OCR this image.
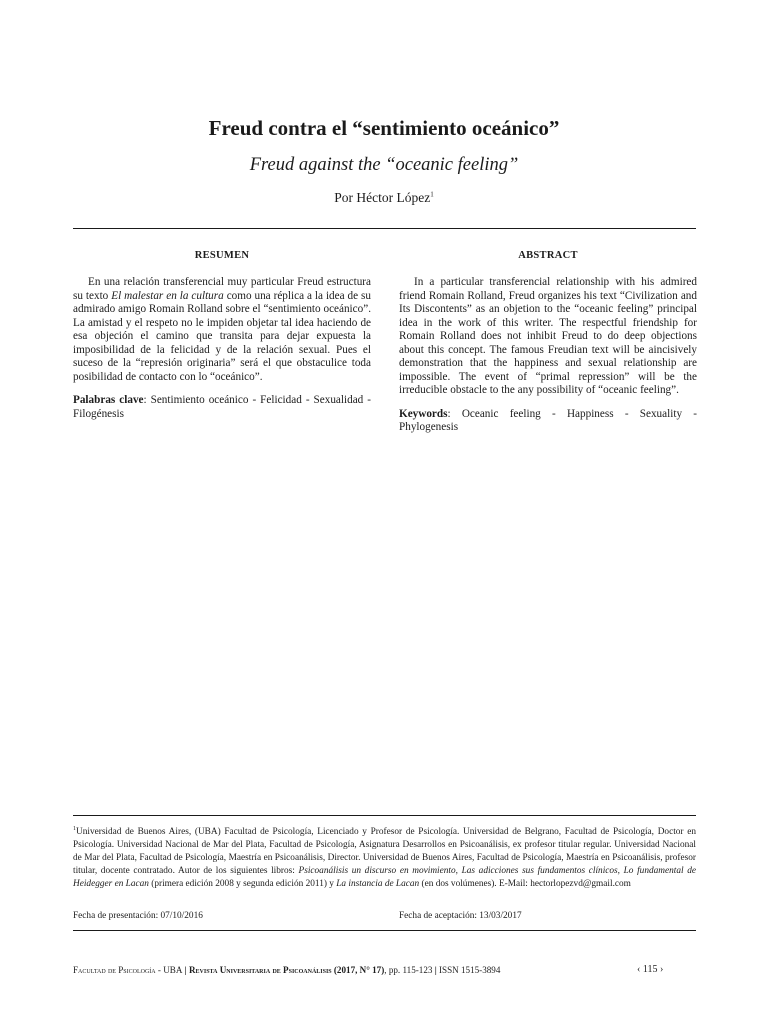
Freud contra el “sentimiento oceánico”
Freud against the “oceanic feeling”
Por Héctor López$^1$
RESUMEN

En una relación transferencial muy particular Freud estructura su texto El malestar en la cultura como una réplica a la idea de su admirado amigo Romain Rolland sobre el “sentimiento oceánico”. La amistad y el respeto no le impiden objetar tal idea haciendo de esa objeción el camino que transita para dejar expuesta la imposibilidad de la felicidad y de la relación sexual. Pues el suceso de la “represión originaria” será el que obstaculice toda posibilidad de contacto con lo “oceánico”.

Palabras clave: Sentimiento oceánico - Felicidad - Sexualidad - Filogénesis

ABSTRACT

In a particular transferencial relationship with his admired friend Romain Rolland, Freud organizes his text “Civilization and Its Discontents” as an objetion to the “oceanic feeling” principal idea in the work of this writer. The respectful friendship for Romain Rolland does not inhibit Freud to do deep objections about this concept. The famous Freudian text will be aincisively demonstration that the happiness and sexual relationship are impossible. The event of “primal repression” will be the irreducible obstacle to the any possibility of “oceanic feeling”.

Keywords: Oceanic feeling - Happiness - Sexuality - Phylogenesis

$^1$Universidad de Buenos Aires, (UBA) Facultad de Psicología, Licenciado y Profesor de Psicología. Universidad de Belgrano, Facultad de Psicología, Doctor en Psicología. Universidad Nacional de Mar del Plata, Facultad de Psicología, Asignatura Desarrollos en Psicoanálisis, ex profesor titular regular. Universidad Nacional de Mar del Plata, Facultad de Psicología, Maestría en Psicoanálisis, Director. Universidad de Buenos Aires, Facultad de Psicología, Maestría en Psicoanálisis, profesor titular, docente contratado. Autor de los siguientes libros: Psicoanálisis un discurso en movimiento, Las adicciones sus fundamentos clínicos, Lo fundamental de Heidegger en Lacan (primera edición 2008 y segunda edición 2011) y La instancia de Lacan (en dos volúmenes). E-Mail: hectorlopezvd@gmail.com

Fecha de presentación: 07/10/2016	Fecha de aceptación: 13/03/2017
Facultad de Psicología - UBA | Revista Universitaria de Psicoanálisis (2017, N° 17), pp. 115-123 | ISSN 1515-3894	‹ 115 ›
